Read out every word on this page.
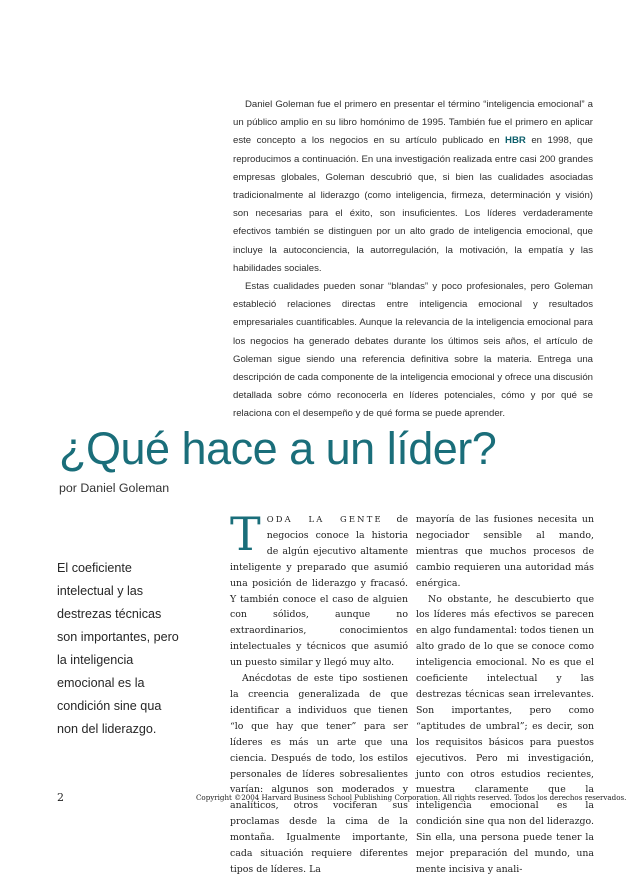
Daniel Goleman fue el primero en presentar el término “inteligencia emocional” a un público amplio en su libro homónimo de 1995. También fue el primero en aplicar este concepto a los negocios en su artículo publicado en HBR en 1998, que reproducimos a continuación. En una investigación realizada entre casi 200 grandes empresas globales, Goleman descubrió que, si bien las cualidades asociadas tradicionalmente al liderazgo (como inteligencia, firmeza, determinación y visión) son necesarias para el éxito, son insuficientes. Los líderes verdaderamente efectivos también se distinguen por un alto grado de inteligencia emocional, que incluye la autoconciencia, la autorregulación, la motivación, la empatía y las habilidades sociales.

Estas cualidades pueden sonar “blandas” y poco profesionales, pero Goleman estableció relaciones directas entre inteligencia emocional y resultados empresariales cuantificables. Aunque la relevancia de la inteligencia emocional para los negocios ha generado debates durante los últimos seis años, el artículo de Goleman sigue siendo una referencia definitiva sobre la materia. Entrega una descripción de cada componente de la inteligencia emocional y ofrece una discusión detallada sobre cómo reconocerla en líderes potenciales, cómo y por qué se relaciona con el desempeño y de qué forma se puede aprender.

¿Qué hace a un líder?
por Daniel Goleman
El coeficiente intelectual y las destrezas técnicas son importantes, pero la inteligencia emocional es la condición sine qua non del liderazgo.

TODA LA GENTE de negocios conoce la historia de algún ejecutivo altamente inteligente y preparado que asumió una posición de liderazgo y fracasó. Y también conoce el caso de alguien con sólidos, aunque no extraordinarios, conocimientos intelectuales y técnicos que asumió un puesto similar y llegó muy alto.

Anécdotas de este tipo sostienen la creencia generalizada de que identificar a individuos que tienen “lo que hay que tener” para ser líderes es más un arte que una ciencia. Después de todo, los estilos personales de líderes sobresalientes varían: algunos son moderados y analíticos, otros vociferan sus proclamas desde la cima de la montaña. Igualmente importante, cada situación requiere diferentes tipos de líderes. La

mayoría de las fusiones necesita un negociador sensible al mando, mientras que muchos procesos de cambio requieren una autoridad más enérgica.

No obstante, he descubierto que los líderes más efectivos se parecen en algo fundamental: todos tienen un alto grado de lo que se conoce como inteligencia emocional. No es que el coeficiente intelectual y las destrezas técnicas sean irrelevantes. Son importantes, pero como “aptitudes de umbral”; es decir, son los requisitos básicos para puestos ejecutivos. Pero mi investigación, junto con otros estudios recientes, muestra claramente que la inteligencia emocional es la condición sine qua non del liderazgo. Sin ella, una persona puede tener la mejor preparación del mundo, una mente incisiva y anali-

2	Copyright ©2004 Harvard Business School Publishing Corporation. All rights reserved. Todos los derechos reservados.
